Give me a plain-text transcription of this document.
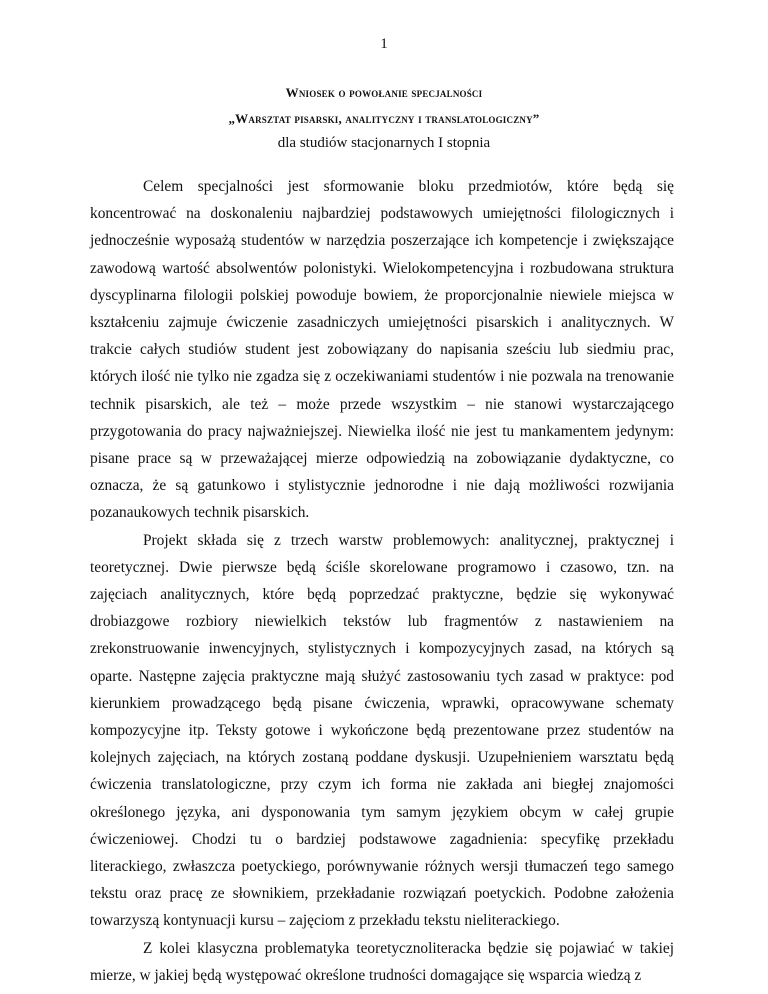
1
Wniosek o powołanie specjalności
„Warsztat pisarski, analityczny i translatologiczny”
dla studiów stacjonarnych I stopnia

Celem specjalności jest sformowanie bloku przedmiotów, które będą się koncentrować na doskonaleniu najbardziej podstawowych umiejętności filologicznych i jednocześnie wyposażą studentów w narzędzia poszerzające ich kompetencje i zwiększające zawodową wartość absolwentów polonistyki. Wielokompetencyjna i rozbudowana struktura dyscyplinarna filologii polskiej powoduje bowiem, że proporcjonalnie niewiele miejsca w kształceniu zajmuje ćwiczenie zasadniczych umiejętności pisarskich i analitycznych. W trakcie całych studiów student jest zobowiązany do napisania sześciu lub siedmiu prac, których ilość nie tylko nie zgadza się z oczekiwaniami studentów i nie pozwala na trenowanie technik pisarskich, ale też – może przede wszystkim – nie stanowi wystarczającego przygotowania do pracy najważniejszej. Niewielka ilość nie jest tu mankamentem jedynym: pisane prace są w przeważającej mierze odpowiedzią na zobowiązanie dydaktyczne, co oznacza, że są gatunkowo i stylistycznie jednorodne i nie dają możliwości rozwijania pozanaukowych technik pisarskich.

Projekt składa się z trzech warstw problemowych: analitycznej, praktycznej i teoretycznej. Dwie pierwsze będą ściśle skorelowane programowo i czasowo, tzn. na zajęciach analitycznych, które będą poprzedzać praktyczne, będzie się wykonywać drobiazgowe rozbiory niewielkich tekstów lub fragmentów z nastawieniem na zrekonstruowanie inwencyjnych, stylistycznych i kompozycyjnych zasad, na których są oparte. Następne zajęcia praktyczne mają służyć zastosowaniu tych zasad w praktyce: pod kierunkiem prowadzącego będą pisane ćwiczenia, wprawki, opracowywane schematy kompozycyjne itp. Teksty gotowe i wykończone będą prezentowane przez studentów na kolejnych zajęciach, na których zostaną poddane dyskusji. Uzupełnieniem warsztatu będą ćwiczenia translatologiczne, przy czym ich forma nie zakłada ani biegłej znajomości określonego języka, ani dysponowania tym samym językiem obcym w całej grupie ćwiczeniowej. Chodzi tu o bardziej podstawowe zagadnienia: specyfikę przekładu literackiego, zwłaszcza poetyckiego, porównywanie różnych wersji tłumaczeń tego samego tekstu oraz pracę ze słownikiem, przekładanie rozwiązań poetyckich. Podobne założenia towarzyszą kontynuacji kursu – zajęciom z przekładu tekstu nieliterackiego.

Z kolei klasyczna problematyka teoretycznoliteracka będzie się pojawiać w takiej mierze, w jakiej będą występować określone trudności domagające się wsparcia wiedzą z
